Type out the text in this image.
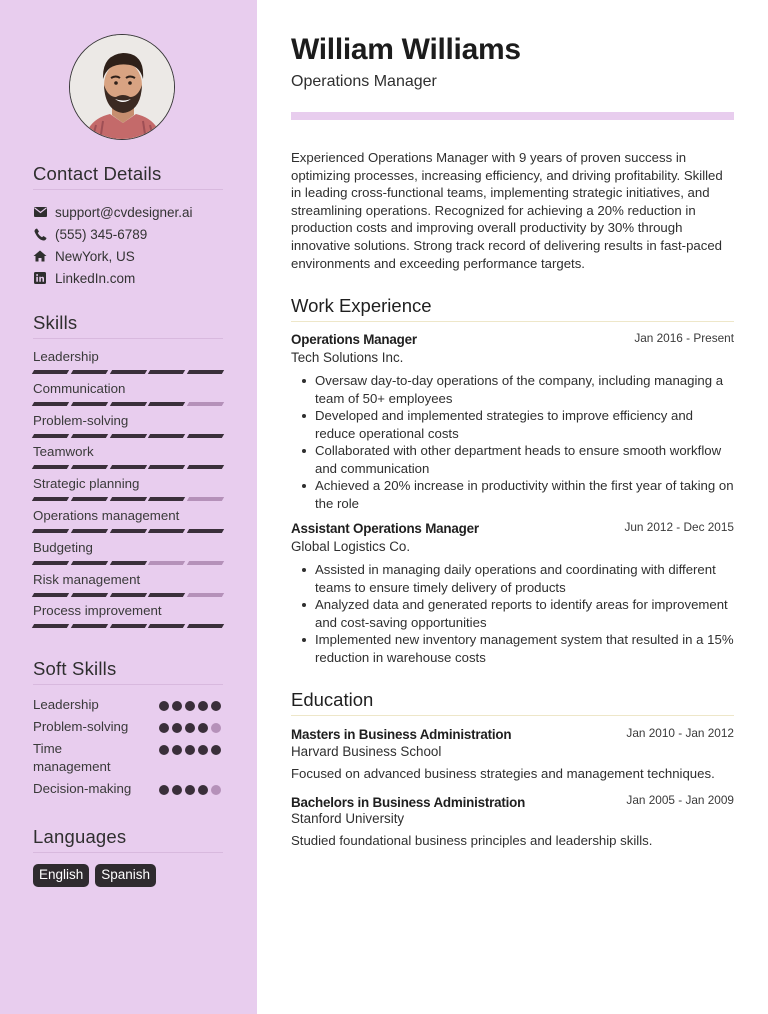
Contact Details
support@cvdesigner.ai
(555) 345-6789
NewYork, US
LinkedIn.com
Skills
Leadership
Communication
Problem-solving
Teamwork
Strategic planning
Operations management
Budgeting
Risk management
Process improvement
Soft Skills
Leadership
Problem-solving
Time management
Decision-making
Languages
English	Spanish
William Williams
Operations Manager

Experienced Operations Manager with 9 years of proven success in optimizing processes, increasing efficiency, and driving profitability. Skilled in leading cross-functional teams, implementing strategic initiatives, and streamlining operations. Recognized for achieving a 20% reduction in production costs and improving overall productivity by 30% through innovative solutions. Strong track record of delivering results in fast-paced environments and exceeding performance targets.

Work Experience
Operations Manager	Jan 2016 - Present
Tech Solutions Inc.
Oversaw day-to-day operations of the company, including managing a team of 50+ employees
Developed and implemented strategies to improve efficiency and reduce operational costs
Collaborated with other department heads to ensure smooth workflow and communication
Achieved a 20% increase in productivity within the first year of taking on the role
Assistant Operations Manager	Jun 2012 - Dec 2015
Global Logistics Co.
Assisted in managing daily operations and coordinating with different teams to ensure timely delivery of products
Analyzed data and generated reports to identify areas for improvement and cost-saving opportunities
Implemented new inventory management system that resulted in a 15% reduction in warehouse costs
Education
Masters in Business Administration	Jan 2010 - Jan 2012
Harvard Business School
Focused on advanced business strategies and management techniques.
Bachelors in Business Administration	Jan 2005 - Jan 2009
Stanford University
Studied foundational business principles and leadership skills.
